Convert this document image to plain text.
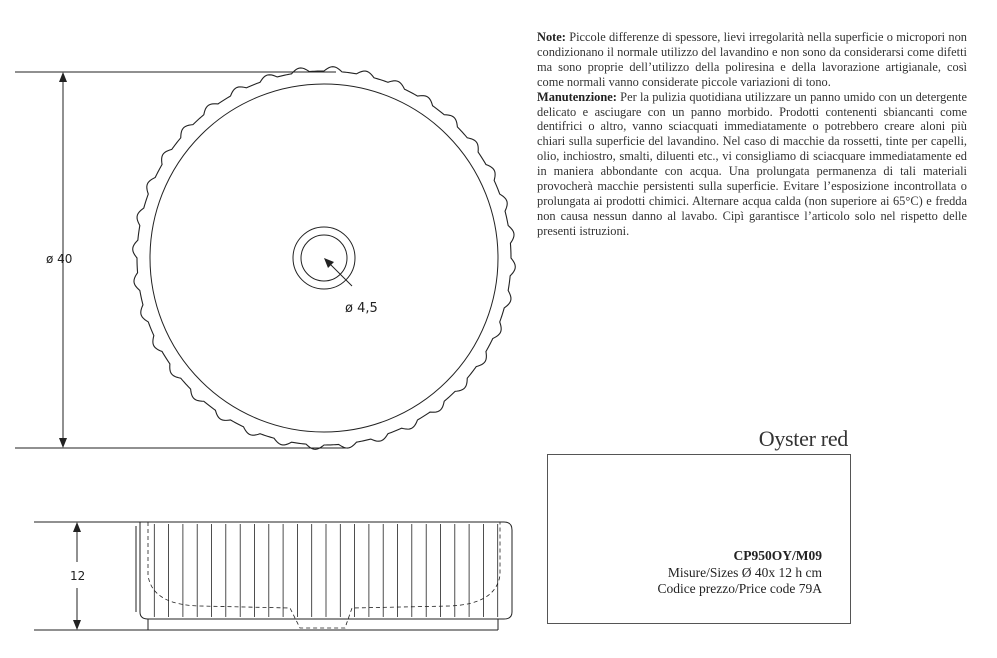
ø 40
ø 4,5
12

Note: Piccole differenze di spessore, lievi irregolarità nella superficie o micropori non condizionano il normale utilizzo del lavandino e non sono da considerarsi come difetti ma sono proprie dell’utilizzo della poliresina e della lavorazione artigianale, così come normali vanno considerate piccole variazioni di tono.
Manutenzione: Per la pulizia quotidiana utilizzare un panno umido con un detergente delicato e asciugare con un panno morbido. Prodotti contenenti sbiancanti come dentifrici o altro, vanno sciacquati immediatamente o potrebbero creare aloni più chiari sulla superficie del lavandino. Nel caso di macchie da rossetti, tinte per capelli, olio, inchiostro, smalti, diluenti etc., vi consigliamo di sciacquare immediatamente ed in maniera abbondante con acqua. Una prolungata permanenza di tali materiali provocherà macchie persistenti sulla superficie. Evitare l’esposizione incontrollata o prolungata ai prodotti chimici. Alternare acqua calda (non superiore ai 65°C) e fredda non causa nessun danno al lavabo. Cipì garantisce l’articolo solo nel rispetto delle presenti istruzioni.

Oyster red
CP950OY/M09
Misure/Sizes Ø 40x 12 h cm
Codice prezzo/Price code 79A
